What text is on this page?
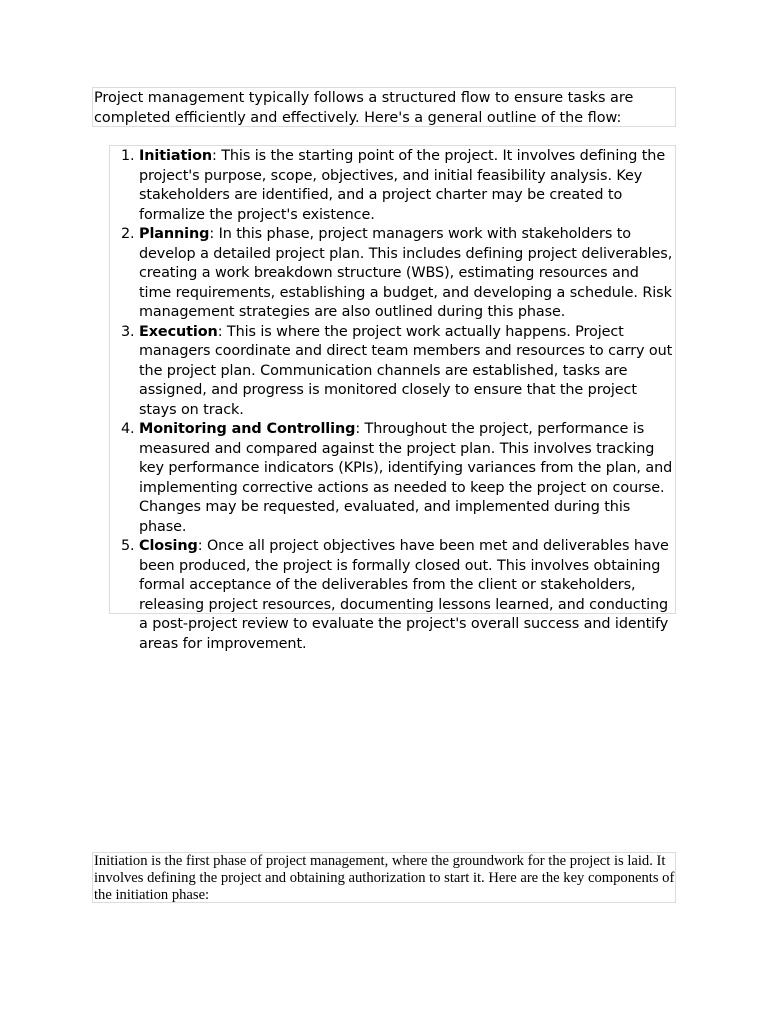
Project management typically follows a structured flow to ensure tasks are completed efficiently and effectively. Here's a general outline of the flow:
1. Initiation: This is the starting point of the project. It involves defining the project's purpose, scope, objectives, and initial feasibility analysis. Key stakeholders are identified, and a project charter may be created to formalize the project's existence.
2. Planning: In this phase, project managers work with stakeholders to develop a detailed project plan. This includes defining project deliverables, creating a work breakdown structure (WBS), estimating resources and time requirements, establishing a budget, and developing a schedule. Risk management strategies are also outlined during this phase.
3. Execution: This is where the project work actually happens. Project managers coordinate and direct team members and resources to carry out the project plan. Communication channels are established, tasks are assigned, and progress is monitored closely to ensure that the project stays on track.
4. Monitoring and Controlling: Throughout the project, performance is measured and compared against the project plan. This involves tracking key performance indicators (KPIs), identifying variances from the plan, and implementing corrective actions as needed to keep the project on course. Changes may be requested, evaluated, and implemented during this phase.
5. Closing: Once all project objectives have been met and deliverables have been produced, the project is formally closed out. This involves obtaining formal acceptance of the deliverables from the client or stakeholders, releasing project resources, documenting lessons learned, and conducting a post-project review to evaluate the project's overall success and identify areas for improvement.
Initiation is the first phase of project management, where the groundwork for the project is laid. It involves defining the project and obtaining authorization to start it. Here are the key components of the initiation phase:
